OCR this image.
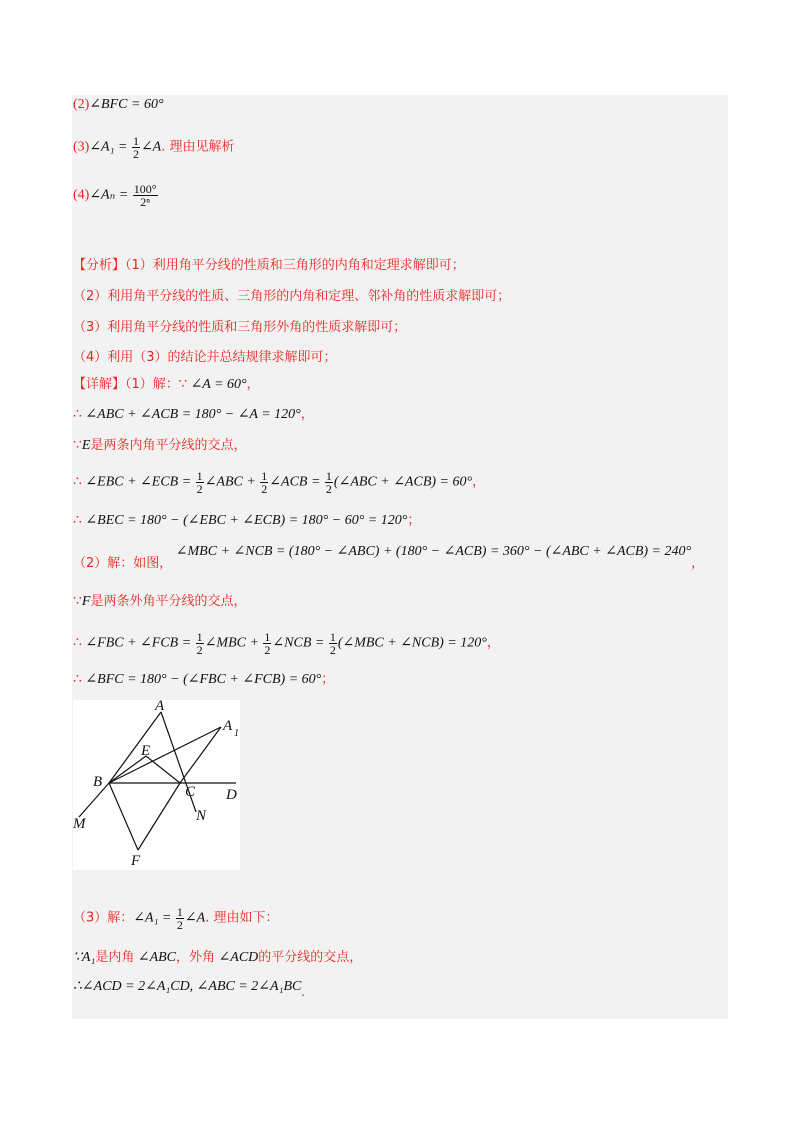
(2)∠BFC = 60°
(3)∠A₁ = $\frac{1}{2}$ ∠A. 理由见解析
(4)∠Aₙ = $\frac{100^\circ}{\text{2ⁿ}}$
【分析】（1）利用角平分线的性质和三角形的内角和定理求解即可；
（2）利用角平分线的性质、三角形的内角和定理、邻补角的性质求解即可；
（3）利用角平分线的性质和三角形外角的性质求解即可；
（4）利用（3）的结论并总结规律求解即可；
【详解】（1）解：∵ ∠A = 60°，
∴ ∠ABC + ∠ACB = 180° − ∠A = 120°，
∵E是两条内角平分线的交点，
∴ ∠EBC + ∠ECB = $\frac{1}{2}$ ∠ABC + $\frac{1}{2}$ ∠ACB = $\frac{1}{2}$ (∠ABC + ∠ACB) = 60°，
∴ ∠BEC = 180° − (∠EBC + ∠ECB) = 180° − 60° = 120°；
（2）解：如图， ∠MBC + ∠NCB = (180° − ∠ABC) + (180° − ∠ACB) = 360° − (∠ABC + ∠ACB) = 240°，
∵F是两条外角平分线的交点，
∴ ∠FBC + ∠FCB = $\frac{1}{2}$ ∠MBC + $\frac{1}{2}$ ∠NCB = $\frac{1}{2}$ (∠MBC + ∠NCB) = 120°，
∴ ∠BFC = 180° − (∠FBC + ∠FCB) = 60°；
A
A 1
E
B
C D
M	N
F
（3）解：∠A₁ = $\frac{1}{2}$ ∠A. 理由如下：
∵A₁是内角 ∠ABC，外角 ∠ACD的平分线的交点，
∴∠ACD = 2∠A₁CD, ∠ABC = 2∠A₁BC.
